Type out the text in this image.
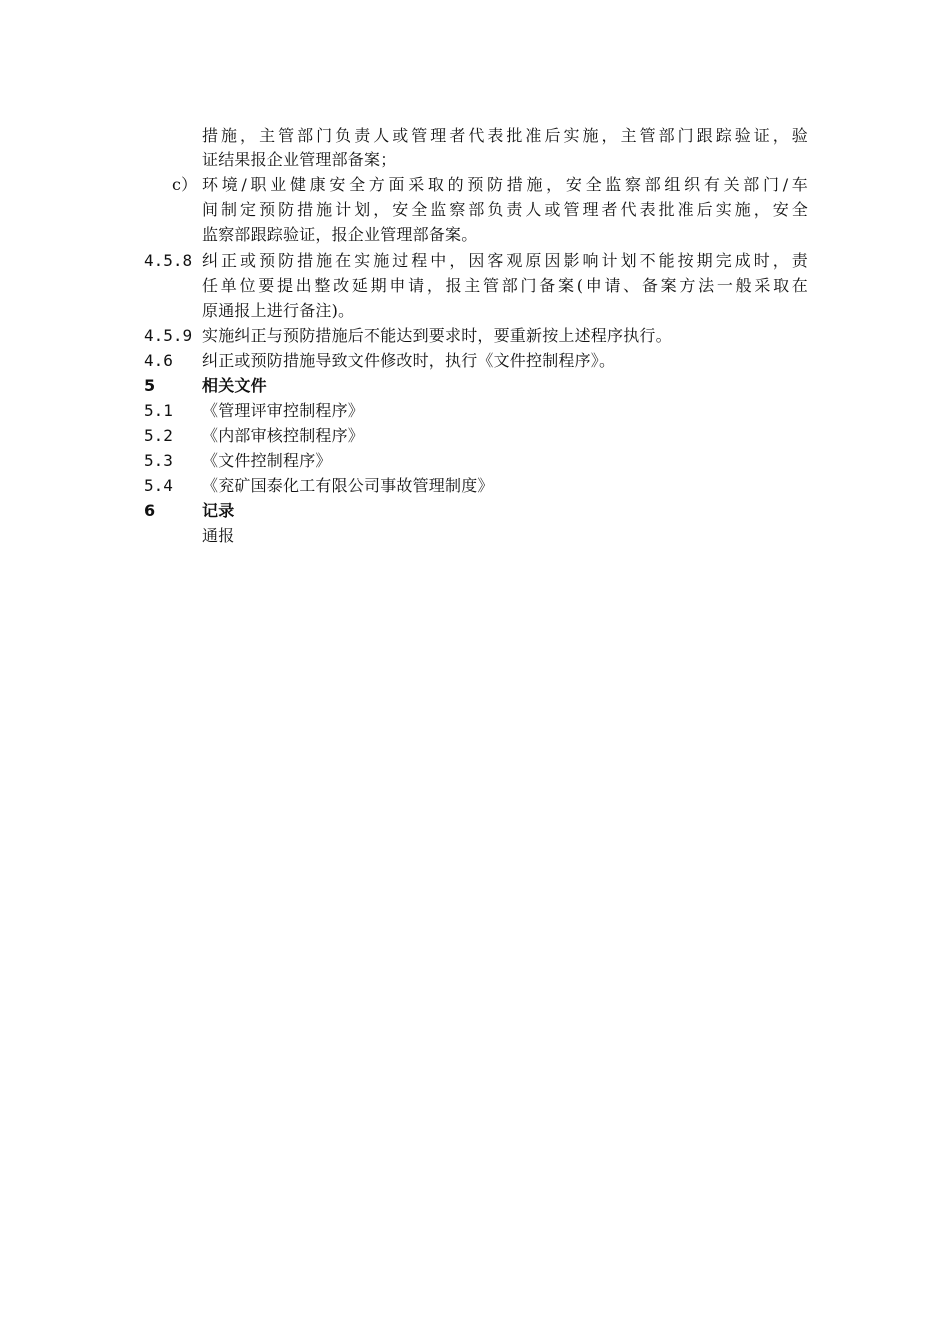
措施，主管部门负责人或管理者代表批准后实施，主管部门跟踪验证，验
证结果报企业管理部备案；
c） 环境/职业健康安全方面采取的预防措施，安全监察部组织有关部门/车
间制定预防措施计划，安全监察部负责人或管理者代表批准后实施，安全
监察部跟踪验证，报企业管理部备案。
4.5.8 纠正或预防措施在实施过程中，因客观原因影响计划不能按期完成时，责
任单位要提出整改延期申请，报主管部门备案(申请、备案方法一般采取在
原通报上进行备注)。
4.5.9 实施纠正与预防措施后不能达到要求时，要重新按上述程序执行。
4.6 纠正或预防措施导致文件修改时，执行《文件控制程序》。
5	相关文件
5.1 《管理评审控制程序》
5.2 《内部审核控制程序》
5.3 《文件控制程序》
5.4 《兖矿国泰化工有限公司事故管理制度》
6	记录
通报
